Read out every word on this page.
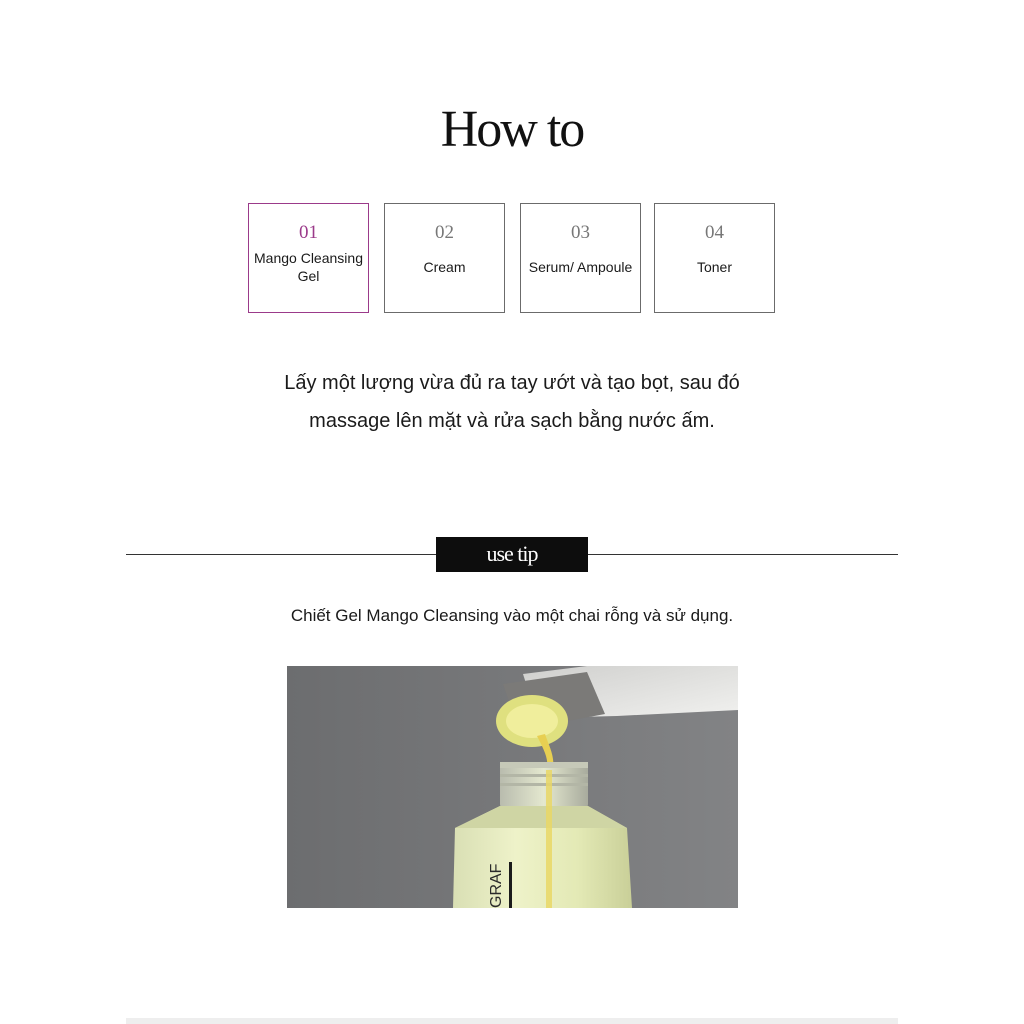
How to
01
Mango Cleansing Gel
02
Cream
03
Serum/ Ampoule
04
Toner
Lấy một lượng vừa đủ ra tay ướt và tạo bọt, sau đó
massage lên mặt và rửa sạch bằng nước ấm.
use tip
Chiết Gel Mango Cleansing vào một chai rỗng và sử dụng.
GRAF
